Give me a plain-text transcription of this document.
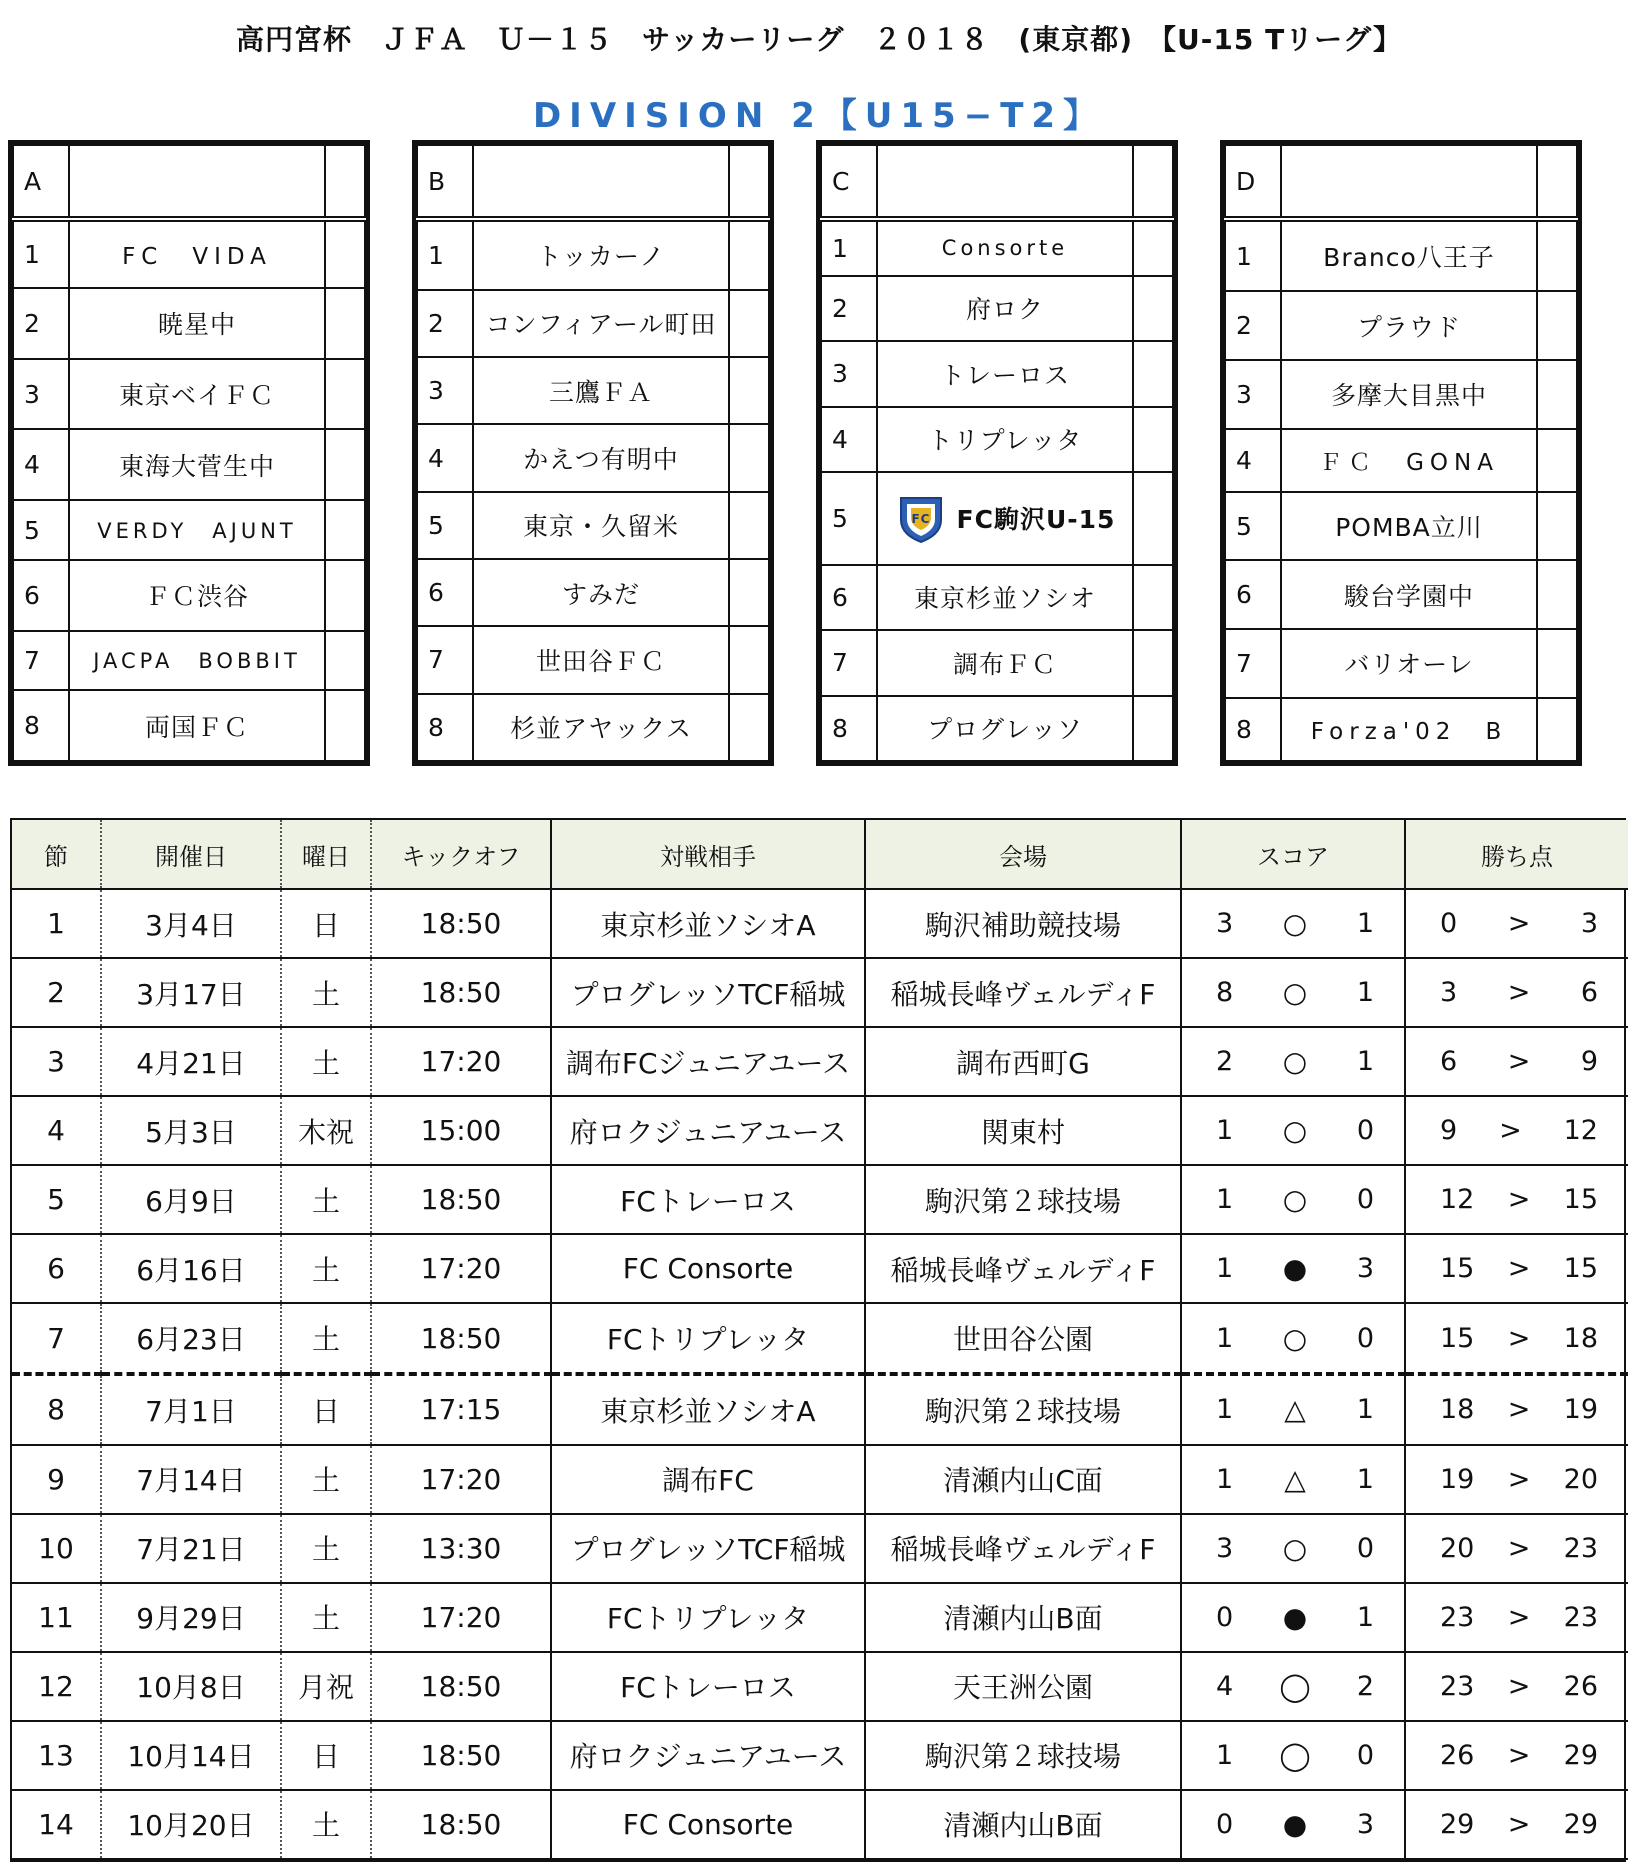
高円宮杯　ＪＦＡ　Ｕ－１５　サッカーリーグ　２０１８　(東京都)　【U-15 Tリーグ】
DIVISION 2【U15−T2】
A		
1	FC　VIDA	
2	暁星中	
3	東京ベイＦＣ	
4	東海大菅生中	
5	VERDY　AJUNT	
6	ＦＣ渋谷	
7	JACPA　BOBBIT	
8	両国ＦＣ	
B		
1	トッカーノ	
2	コンフィアール町田	
3	三鷹ＦＡ	
4	かえつ有明中	
5	東京・久留米	
6	すみだ	
7	世田谷ＦＣ	
8	杉並アヤックス	
C		
1	Consorte	
2	府ロク	
3	トレーロス	
4	トリプレッタ	
5	FC FC駒沢U-15	

6	東京杉並ソシオ	
7	調布ＦＣ	
8	プログレッソ	
D		
1	Branco八王子	
2	プラウド	
3	多摩大目黒中	
4	ＦＣ　GONA	
5	POMBA立川	
6	駿台学園中	
7	バリオーレ	
8	Forza'02　B	
節	開催日	曜日	キックオフ	対戦相手	会場	スコア	勝ち点
1	3月4日	日	18:50	東京杉並ソシオA	駒沢補助競技場	3 ○ 1	0 > 3

2	3月17日	土	18:50	プログレッソTCF稲城	稲城長峰ヴェルディF	8 ○ 1	3 > 6

3	4月21日	土	17:20	調布FCジュニアユース	調布西町G	2 ○ 1	6 > 9

4	5月3日	木祝	15:00	府ロクジュニアユース	関東村	1 ○ 0	9 > 12

5	6月9日	土	18:50	FCトレーロス	駒沢第２球技場	1 ○ 0	12 > 15

6	6月16日	土	17:20	FC Consorte	稲城長峰ヴェルディF	1 ● 3	15 > 15

7	6月23日	土	18:50	FCトリプレッタ	世田谷公園	1 ○ 0	15 > 18

8	7月1日	日	17:15	東京杉並ソシオA	駒沢第２球技場	1 △ 1	18 > 19

9	7月14日	土	17:20	調布FC	清瀬内山C面	1 △ 1	19 > 20

10	7月21日	土	13:30	プログレッソTCF稲城	稲城長峰ヴェルディF	3 ○ 0	20 > 23

11	9月29日	土	17:20	FCトリプレッタ	清瀬内山B面	0 ● 1	23 > 23

12	10月8日	月祝	18:50	FCトレーロス	天王洲公園	4 ◯ 2	23 > 26

13	10月14日	日	18:50	府ロクジュニアユース	駒沢第２球技場	1 ◯ 0	26 > 29

14	10月20日	土	18:50	FC Consorte	清瀬内山B面	0 ● 3	29 > 29
